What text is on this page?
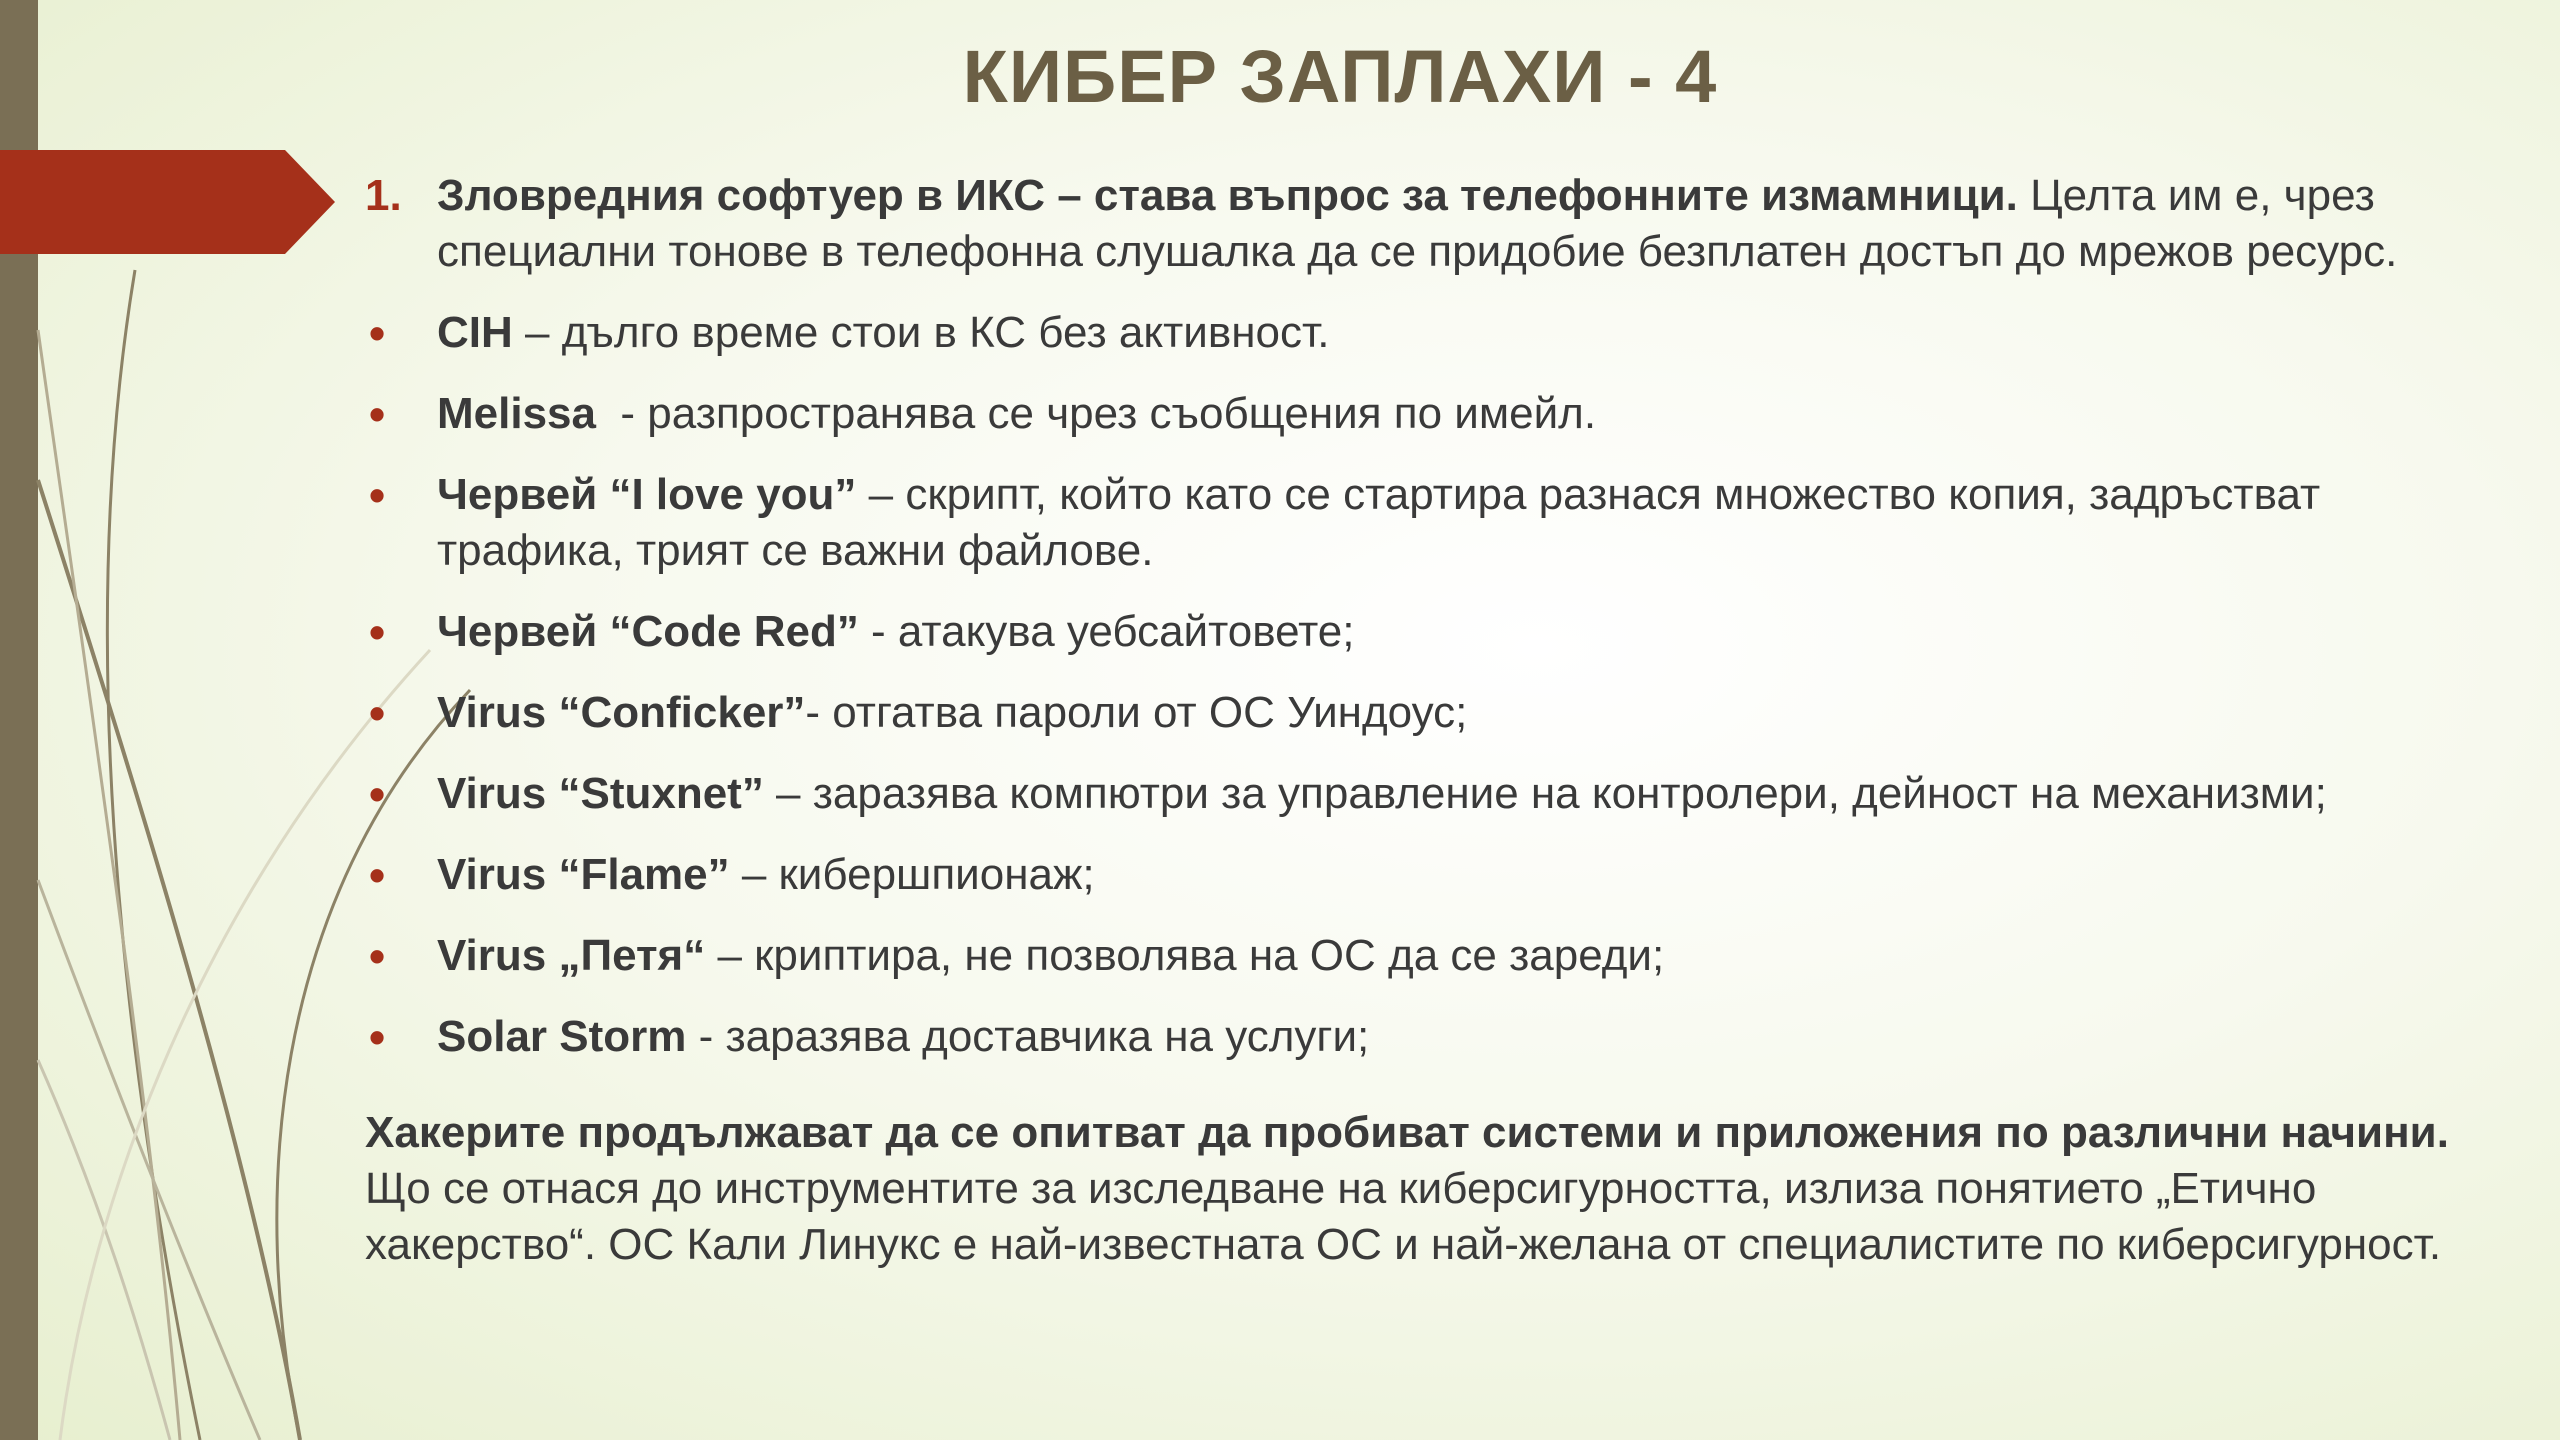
КИБЕР ЗАПЛАХИ - 4
1. Зловредния софтуер в ИКС – става въпрос за телефонните измамници. Целта им е, чрез специални тонове в телефонна слушалка да се придобие безплатен достъп до мрежов ресурс.
• CIH – дълго време стои в КС без активност.
• Melissa  - разпространява се чрез съобщения по имейл.
• Червей “I love you” – скрипт, който като се стартира разнася множество копия, задръстват трафика, трият се важни файлове.
• Червей “Code Red” - атакува уебсайтовете;
• Virus “Conficker”- отгатва пароли от ОС Уиндоус;
• Virus “Stuxnet” – заразява компютри за управление на контролери, дейност на механизми;
• Virus “Flame” – кибершпионаж;
• Virus „Петя“ – криптира, не позволява на ОС да се зареди;
• Solar Storm - заразява доставчика на услуги;
Хакерите продължават да се опитват да пробиват системи и приложения по различни начини. Що се отнася до инструментите за изследване на киберсигурността, излиза понятието „Етично хакерство“. ОС Кали Линукс е най-известната ОС и най-желана от специалистите по киберсигурност.
